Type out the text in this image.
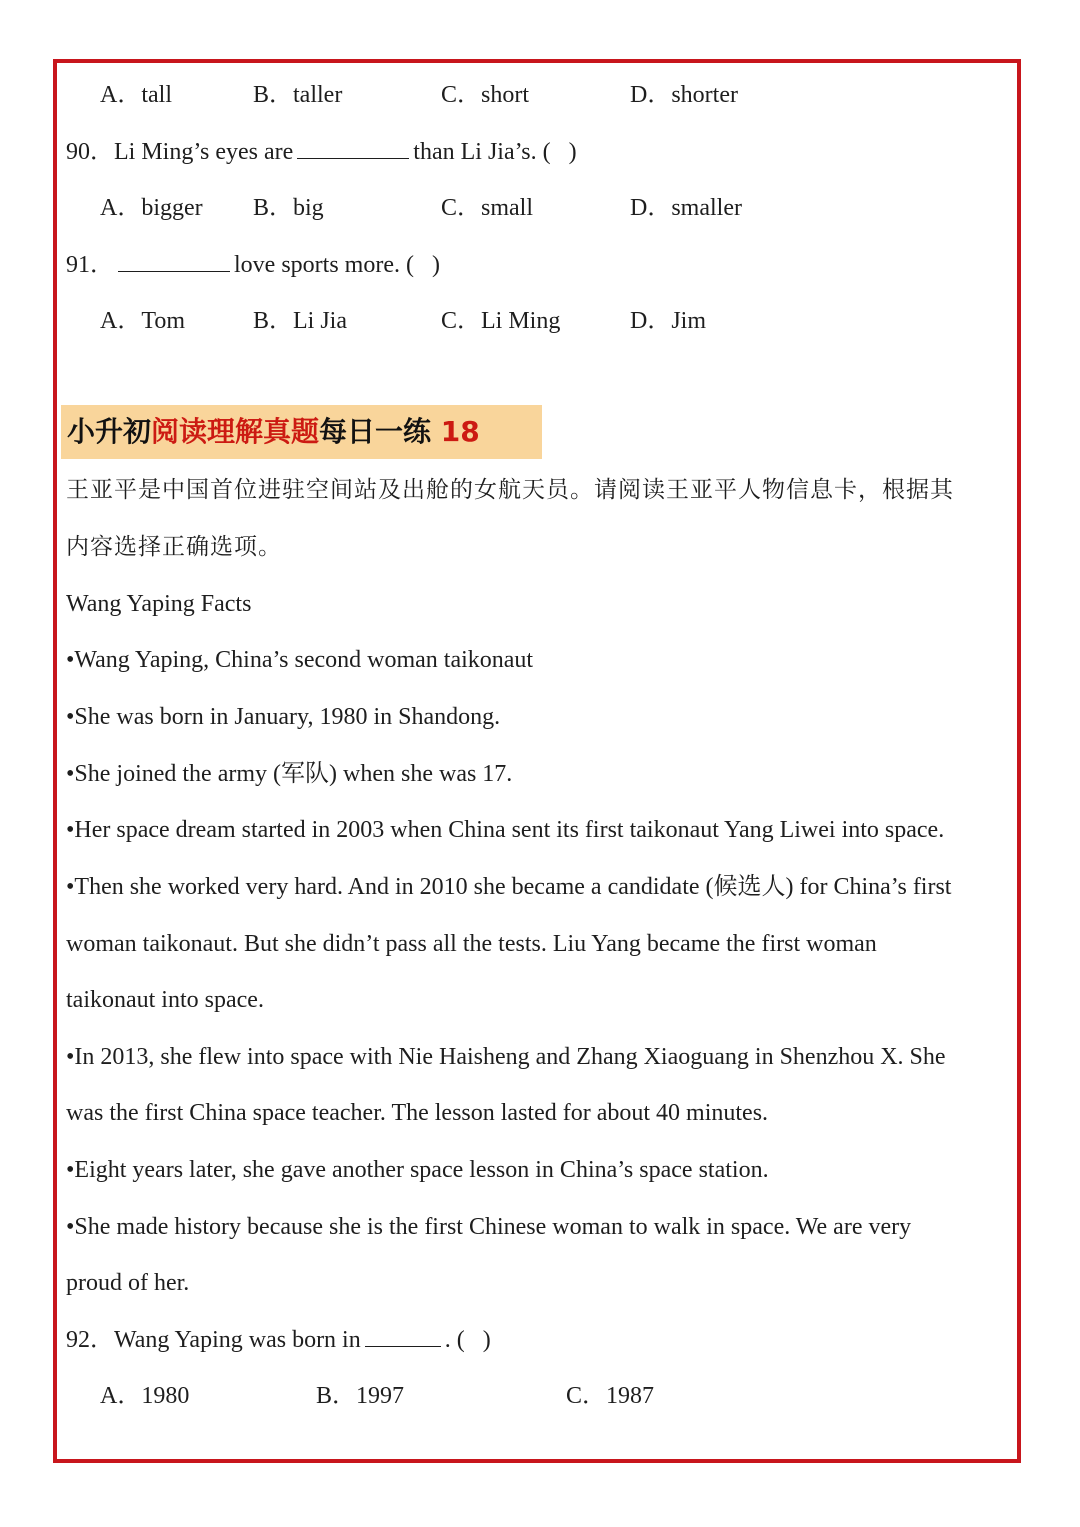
A．tall	B．taller	C．short	D．shorter
90．Li Ming’s eyes are	than Li Jia’s. (   )
A．bigger B．big	C．small	D．smaller
91．	love sports more. (   )
A．Tom	B．Li Jia	C．Li Ming	D．Jim
小升初阅读理解真题每日一练 18
王亚平是中国首位进驻空间站及出舱的女航天员。请阅读王亚平人物信息卡，根据其
内容选择正确选项。
Wang Yaping Facts
•Wang Yaping, China’s second woman taikonaut
•She was born in January, 1980 in Shandong.
•She joined the army (军队) when she was 17.
•Her space dream started in 2003 when China sent its first taikonaut Yang Liwei into space.
•Then she worked very hard. And in 2010 she became a candidate (候选人) for China’s first
woman taikonaut. But she didn’t pass all the tests. Liu Yang became the first woman
taikonaut into space.
•In 2013, she flew into space with Nie Haisheng and Zhang Xiaoguang in Shenzhou X. She
was the first China space teacher. The lesson lasted for about 40 minutes.
•Eight years later, she gave another space lesson in China’s space station.
•She made history because she is the first Chinese woman to walk in space. We are very
proud of her.
92．Wang Yaping was born in	. (   )
A．1980	B．1997	C．1987
